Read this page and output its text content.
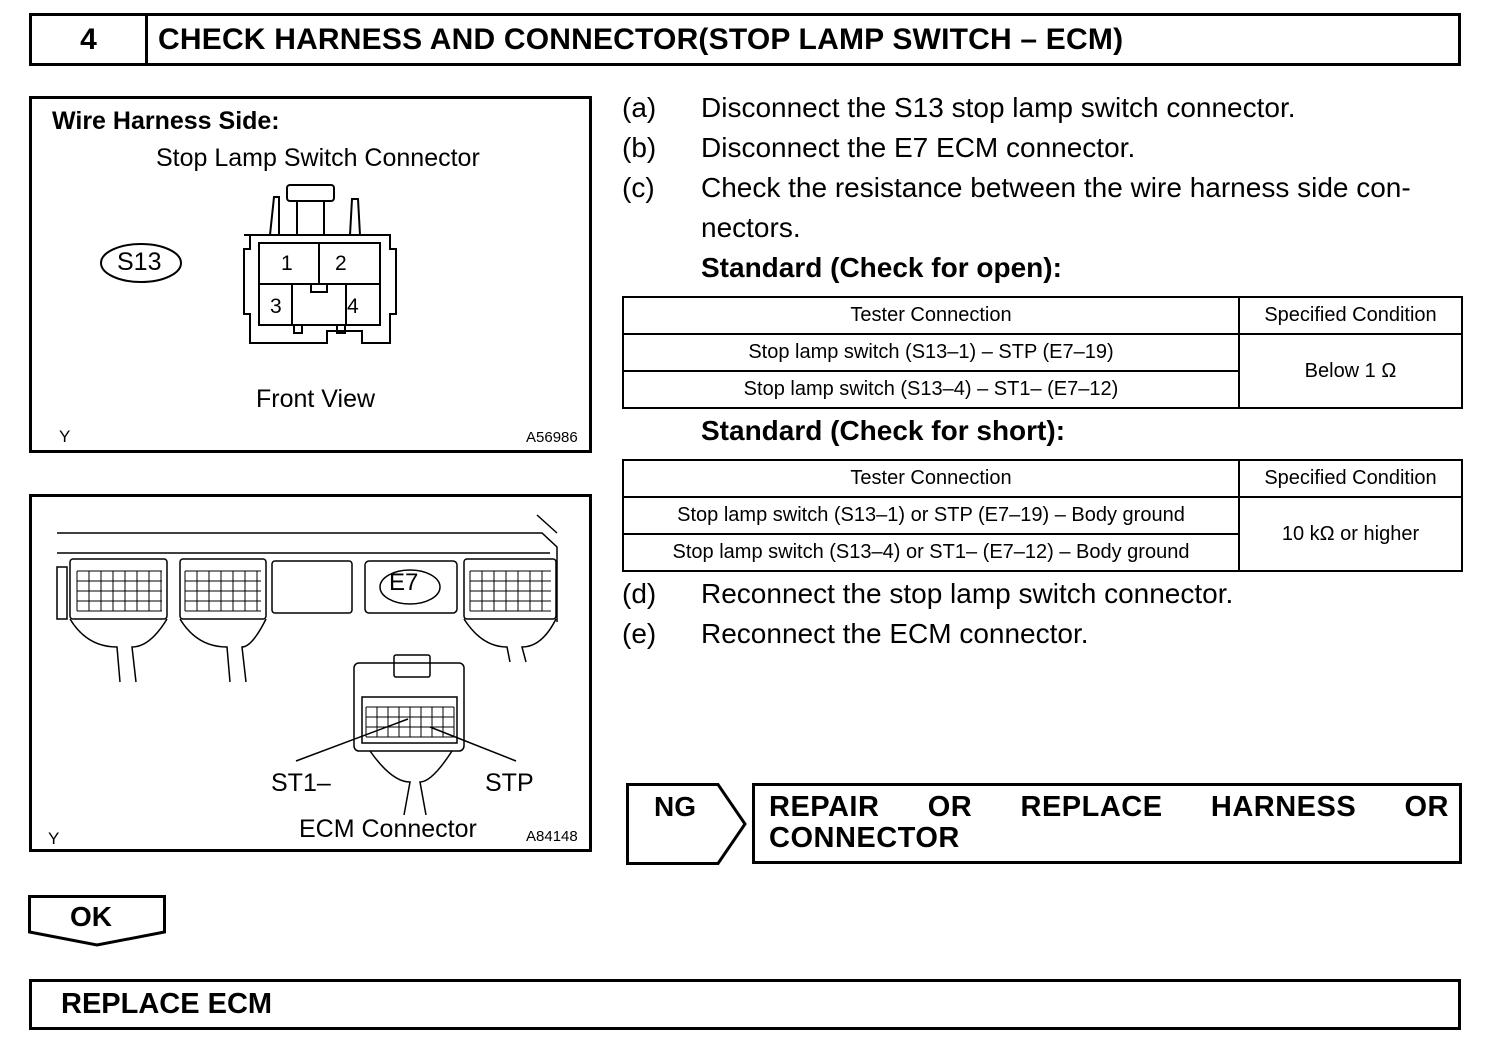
4	CHECK HARNESS AND CONNECTOR(STOP LAMP SWITCH – ECM)
Wire Harness Side:
Stop Lamp Switch Connector
S13	1 2
3	4
Front View
Y	A56986
E7
ST1–	STP
ECM Connector
Y	A84148
(a)	Disconnect the S13 stop lamp switch connector.
(b)	Disconnect the E7 ECM connector.
(c)	Check the resistance between the wire harness side con-
nectors.
Standard (Check for open):
Tester Connection	Specified Condition
Stop lamp switch (S13–1) – STP (E7–19)	Below 1 Ω
Stop lamp switch (S13–4) – ST1– (E7–12)	
Standard (Check for short):
Tester Connection	Specified Condition
Stop lamp switch (S13–1) or STP (E7–19) – Body ground	10 kΩ or higher
Stop lamp switch (S13–4) or ST1– (E7–12) – Body ground	
(d)	Reconnect the stop lamp switch connector.
(e)	Reconnect the ECM connector.
NG	REPAIR OR REPLACE HARNESS OR CONNECTOR
OK
REPLACE ECM
